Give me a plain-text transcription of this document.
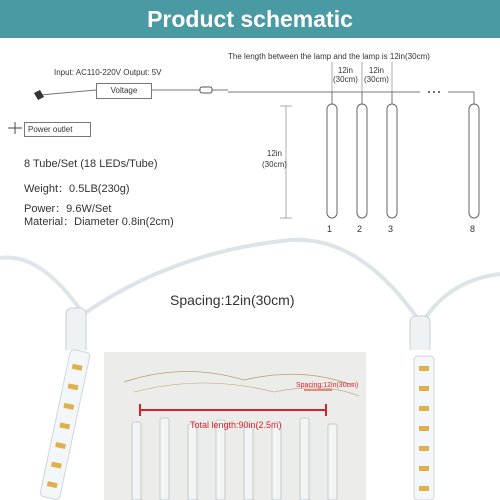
Product schematic
The length between the lamp and the lamp is 12in(30cm)
12in
(30cm)
12in
(30cm)
12in
(30cm)
Input: AC110-220V Output: 5V
Voltage
Power outlet
1	2	3	8
8 Tube/Set (18 LEDs/Tube)
Weight：0.5LB(230g)
Power：9.6W/Set
Material：Diameter 0.8in(2cm)
Spacing:12in(30cm)
Spacing:12in(30cm)
Total length:90in(2.5m)
